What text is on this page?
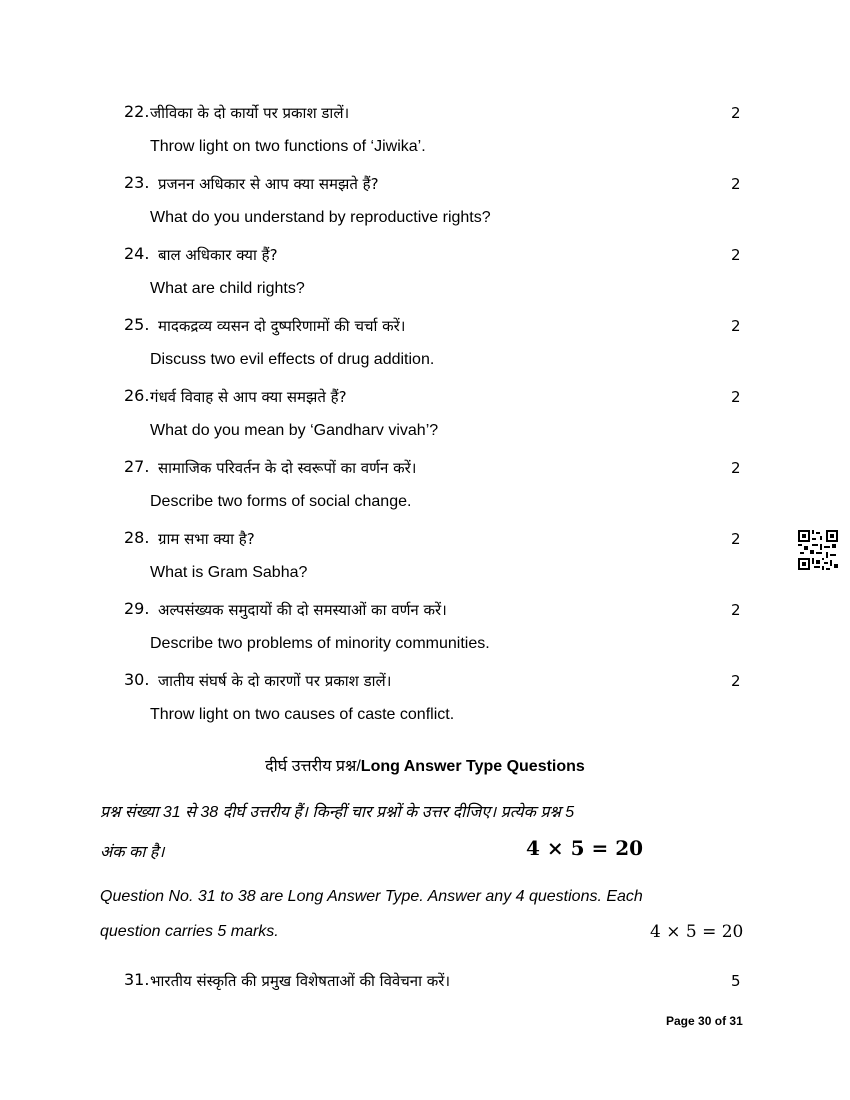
22. जीविका के दो कार्यो पर प्रकाश डालें।	2
Throw light on two functions of ‘Jiwika’.
23. प्रजनन अधिकार से आप क्या समझते हैं?	2
What do you understand by reproductive rights?
24. बाल अधिकार क्या हैं?	2
What are child rights?
25. मादकद्रव्य व्यसन दो दुष्परिणामों की चर्चा करें।	2
Discuss two evil effects of drug addition.
26. गंधर्व विवाह से आप क्या समझते हैं?	2
What do you mean by ‘Gandharv vivah’?
27. सामाजिक परिवर्तन के दो स्वरूपों का वर्णन करें।	2
Describe two forms of social change.
28. ग्राम सभा क्या है?	2
What is Gram Sabha?
29. अल्पसंख्यक समुदायों की दो समस्याओं का वर्णन करें।	2
Describe two problems of minority communities.
30. जातीय संघर्ष के दो कारणों पर प्रकाश डालें।	2
Throw light on two causes of caste conflict.
दीर्घ उत्तरीय प्रश्न/Long Answer Type Questions
प्रश्न संख्या 31 से 38 दीर्घ उत्तरीय हैं। किन्हीं चार प्रश्नों के उत्तर दीजिए। प्रत्येक प्रश्न 5
अंक का है।	4 × 5 = 20
Question No. 31 to 38 are Long Answer Type. Answer any 4 questions. Each
question carries 5 marks.	4 × 5 = 20
31. भारतीय संस्कृति की प्रमुख विशेषताओं की विवेचना करें।	5
Page 30 of 31
